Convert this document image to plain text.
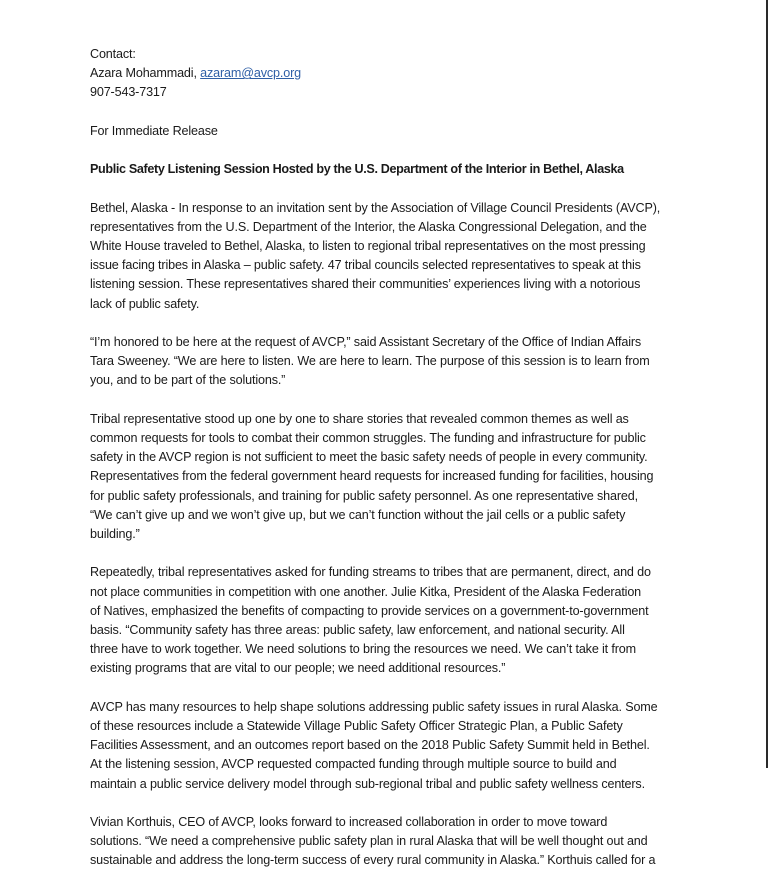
Contact:
Azara Mohammadi, azaram@avcp.org
907-543-7317
For Immediate Release
Public Safety Listening Session Hosted by the U.S. Department of the Interior in Bethel, Alaska

Bethel, Alaska - In response to an invitation sent by the Association of Village Council Presidents (AVCP),
representatives from the U.S. Department of the Interior, the Alaska Congressional Delegation, and the
White House traveled to Bethel, Alaska, to listen to regional tribal representatives on the most pressing
issue facing tribes in Alaska – public safety. 47 tribal councils selected representatives to speak at this
listening session. These representatives shared their communities’ experiences living with a notorious
lack of public safety.

“I’m honored to be here at the request of AVCP,” said Assistant Secretary of the Office of Indian Affairs
Tara Sweeney. “We are here to listen. We are here to learn. The purpose of this session is to learn from
you, and to be part of the solutions.”

Tribal representative stood up one by one to share stories that revealed common themes as well as
common requests for tools to combat their common struggles. The funding and infrastructure for public
safety in the AVCP region is not sufficient to meet the basic safety needs of people in every community.
Representatives from the federal government heard requests for increased funding for facilities, housing
for public safety professionals, and training for public safety personnel. As one representative shared,
“We can’t give up and we won’t give up, but we can’t function without the jail cells or a public safety
building.”

Repeatedly, tribal representatives asked for funding streams to tribes that are permanent, direct, and do
not place communities in competition with one another. Julie Kitka, President of the Alaska Federation
of Natives, emphasized the benefits of compacting to provide services on a government-to-government
basis. “Community safety has three areas: public safety, law enforcement, and national security. All
three have to work together. We need solutions to bring the resources we need. We can’t take it from
existing programs that are vital to our people; we need additional resources.”

AVCP has many resources to help shape solutions addressing public safety issues in rural Alaska. Some
of these resources include a Statewide Village Public Safety Officer Strategic Plan, a Public Safety
Facilities Assessment, and an outcomes report based on the 2018 Public Safety Summit held in Bethel.
At the listening session, AVCP requested compacted funding through multiple source to build and
maintain a public service delivery model through sub-regional tribal and public safety wellness centers.

Vivian Korthuis, CEO of AVCP, looks forward to increased collaboration in order to move toward
solutions. “We need a comprehensive public safety plan in rural Alaska that will be well thought out and
sustainable and address the long-term success of every rural community in Alaska.” Korthuis called for a
